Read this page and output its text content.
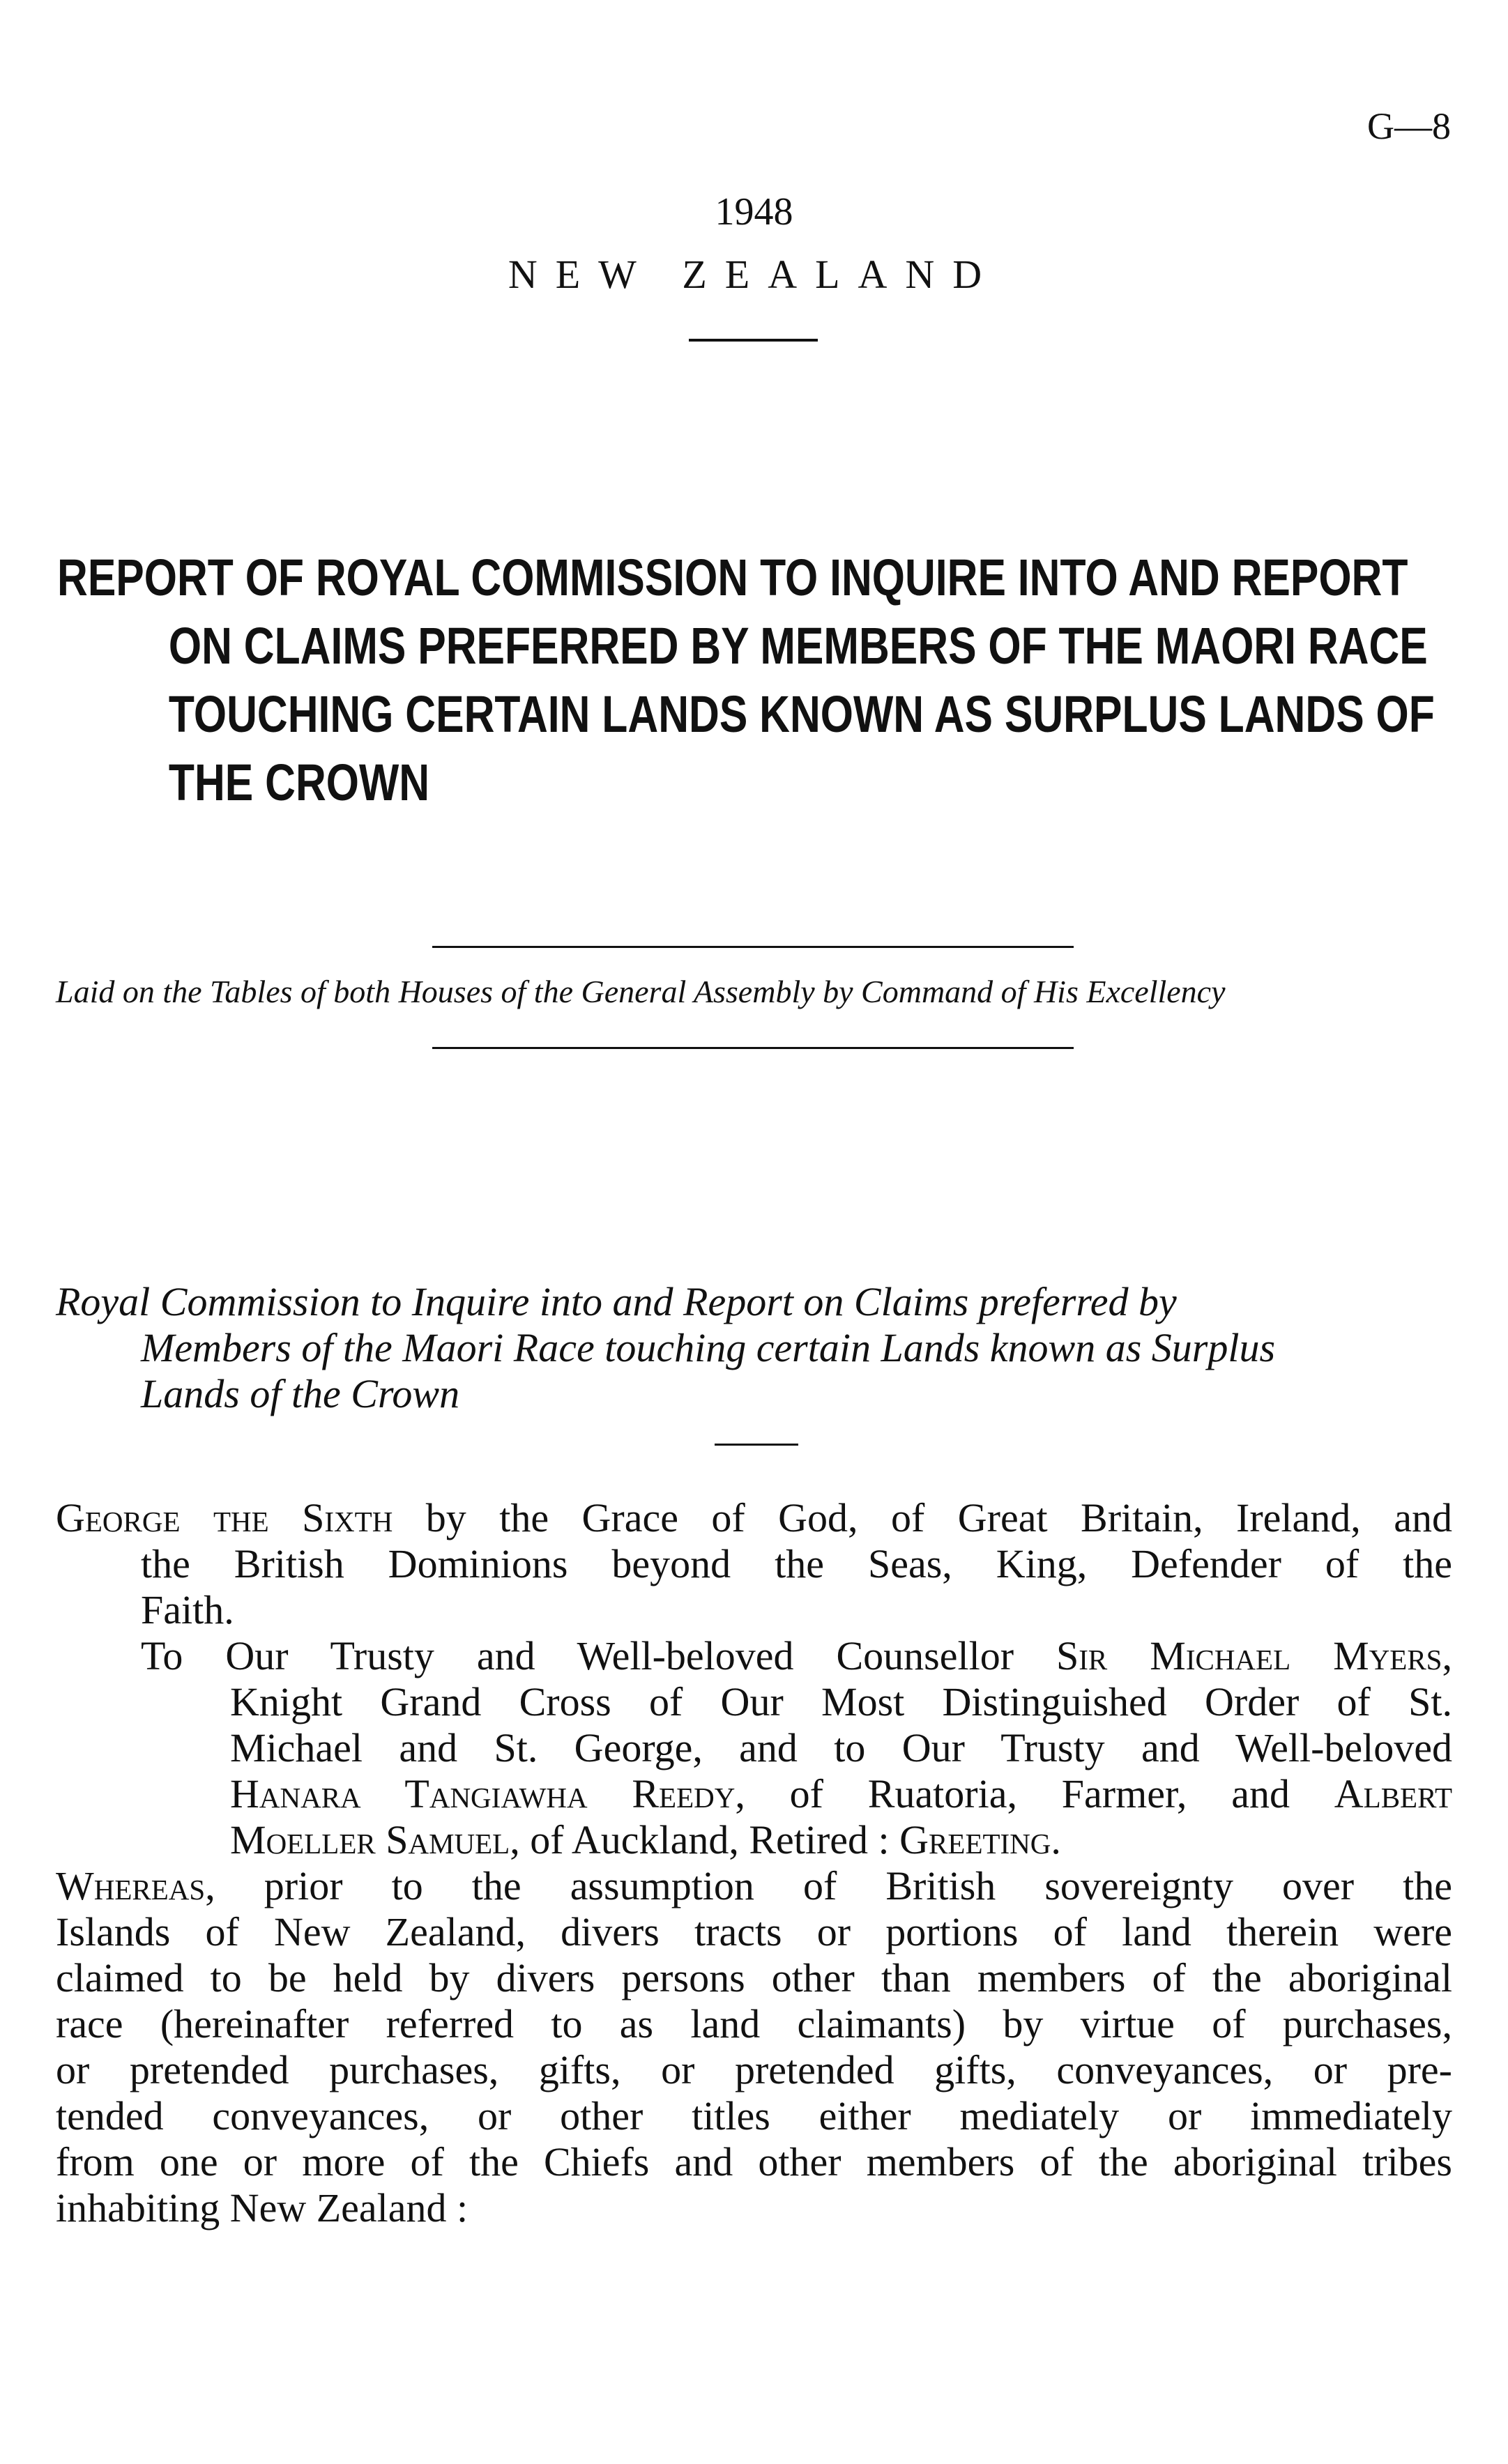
G—8
1948
NEW ZEALAND
REPORT OF ROYAL COMMISSION TO INQUIRE INTO AND REPORT
ON CLAIMS PREFERRED BY MEMBERS OF THE MAORI RACE
TOUCHING CERTAIN LANDS KNOWN AS SURPLUS LANDS OF
THE CROWN
Laid on the Tables of both Houses of the General Assembly by Command of His Excellency
Royal Commission to Inquire into and Report on Claims preferred by
Members of the Maori Race touching certain Lands known as Surplus
Lands of the Crown
George the Sixth by the Grace of God, of Great Britain, Ireland, and
the British Dominions beyond the Seas, King, Defender of the
Faith.
To Our Trusty and Well-beloved Counsellor Sir Michael Myers,
Knight Grand Cross of Our Most Distinguished Order of St.
Michael and St. George, and to Our Trusty and Well-beloved
Hanara Tangiawha Reedy, of Ruatoria, Farmer, and Albert
Moeller Samuel, of Auckland, Retired : Greeting.
Whereas, prior to the assumption of British sovereignty over the
Islands of New Zealand, divers tracts or portions of land therein were
claimed to be held by divers persons other than members of the aboriginal
race (hereinafter referred to as land claimants) by virtue of purchases,
or pretended purchases, gifts, or pretended gifts, conveyances, or pre-
tended conveyances, or other titles either mediately or immediately
from one or more of the Chiefs and other members of the aboriginal tribes
inhabiting New Zealand :
